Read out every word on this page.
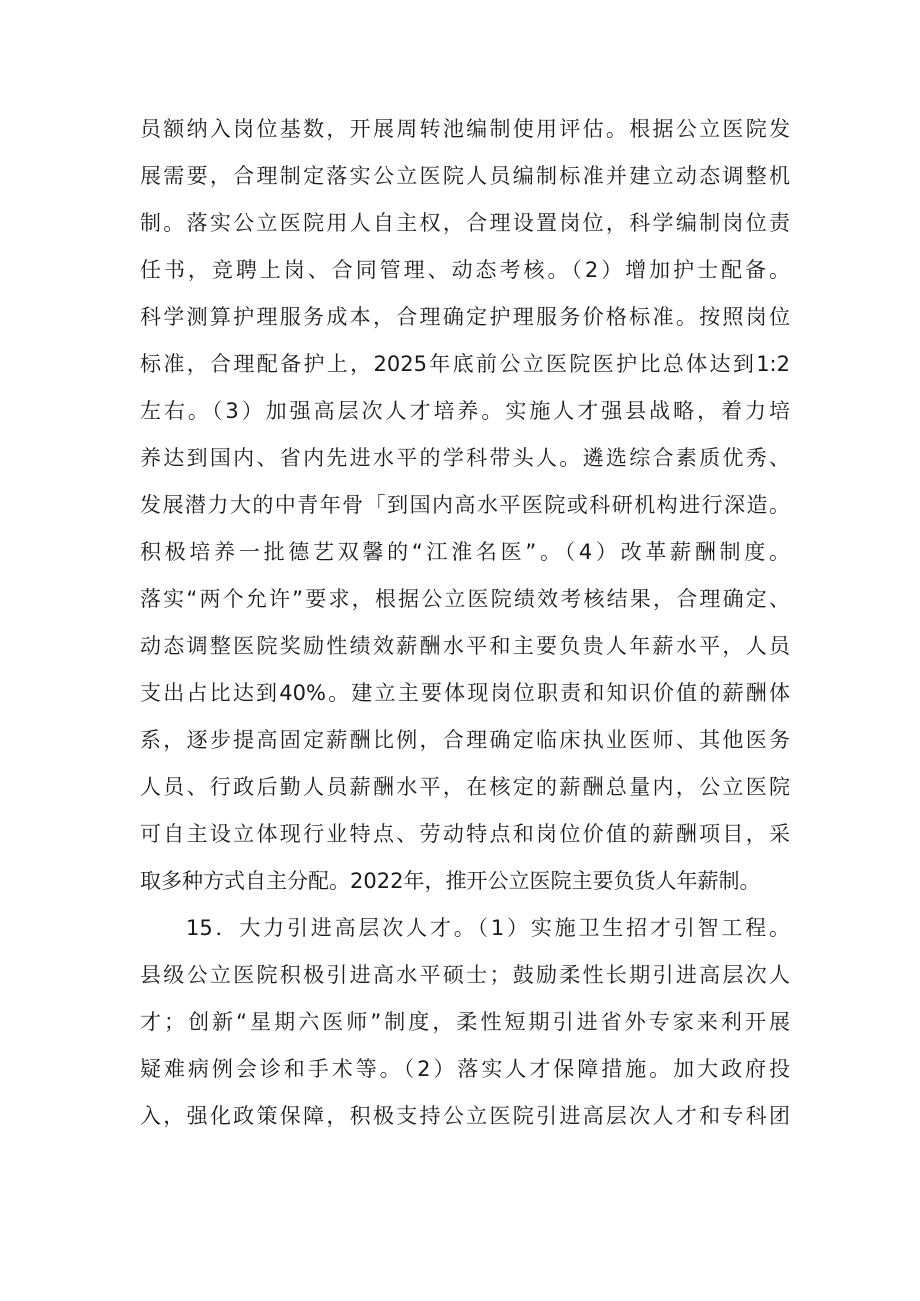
员额纳入岗位基数，开展周转池编制使用评估。根据公立医院发
展需要，合理制定落实公立医院人员编制标准并建立动态调整机
制。落实公立医院用人自主权，合理设置岗位，科学编制岗位责
任书，竞聘上岗、合同管理、动态考核。（2）增加护士配备。
科学测算护理服务成本，合理确定护理服务价格标准。按照岗位
标准，合理配备护上，2025年底前公立医院医护比总体达到1:2
左右。（3）加强高层次人才培养。实施人才强县战略，着力培
养达到国内、省内先进水平的学科带头人。遴选综合素质优秀、
发展潜力大的中青年骨「到国内高水平医院或科研机构进行深造。
积极培养一批德艺双馨的“江淮名医”。（4）改革薪酬制度。
落实“两个允许”要求，根据公立医院绩效考核结果，合理确定、
动态调整医院奖励性绩效薪酬水平和主要负贵人年薪水平，人员
支出占比达到40%。建立主要体现岗位职责和知识价值的薪酬体
系，逐步提高固定薪酬比例，合理确定临床执业医师、其他医务
人员、行政后勤人员薪酬水平，在核定的薪酬总量内，公立医院
可自主设立体现行业特点、劳动特点和岗位价值的薪酬项目，采
取多种方式自主分配。2022年，推开公立医院主要负货人年薪制。
15．大力引进高层次人才。（1）实施卫生招才引智工程。
县级公立医院积极引进高水平硕士；鼓励柔性长期引进高层次人
才；创新“星期六医师”制度，柔性短期引进省外专家来利开展
疑难病例会诊和手术等。（2）落实人才保障措施。加大政府投
入，强化政策保障，积极支持公立医院引进高层次人才和专科团
